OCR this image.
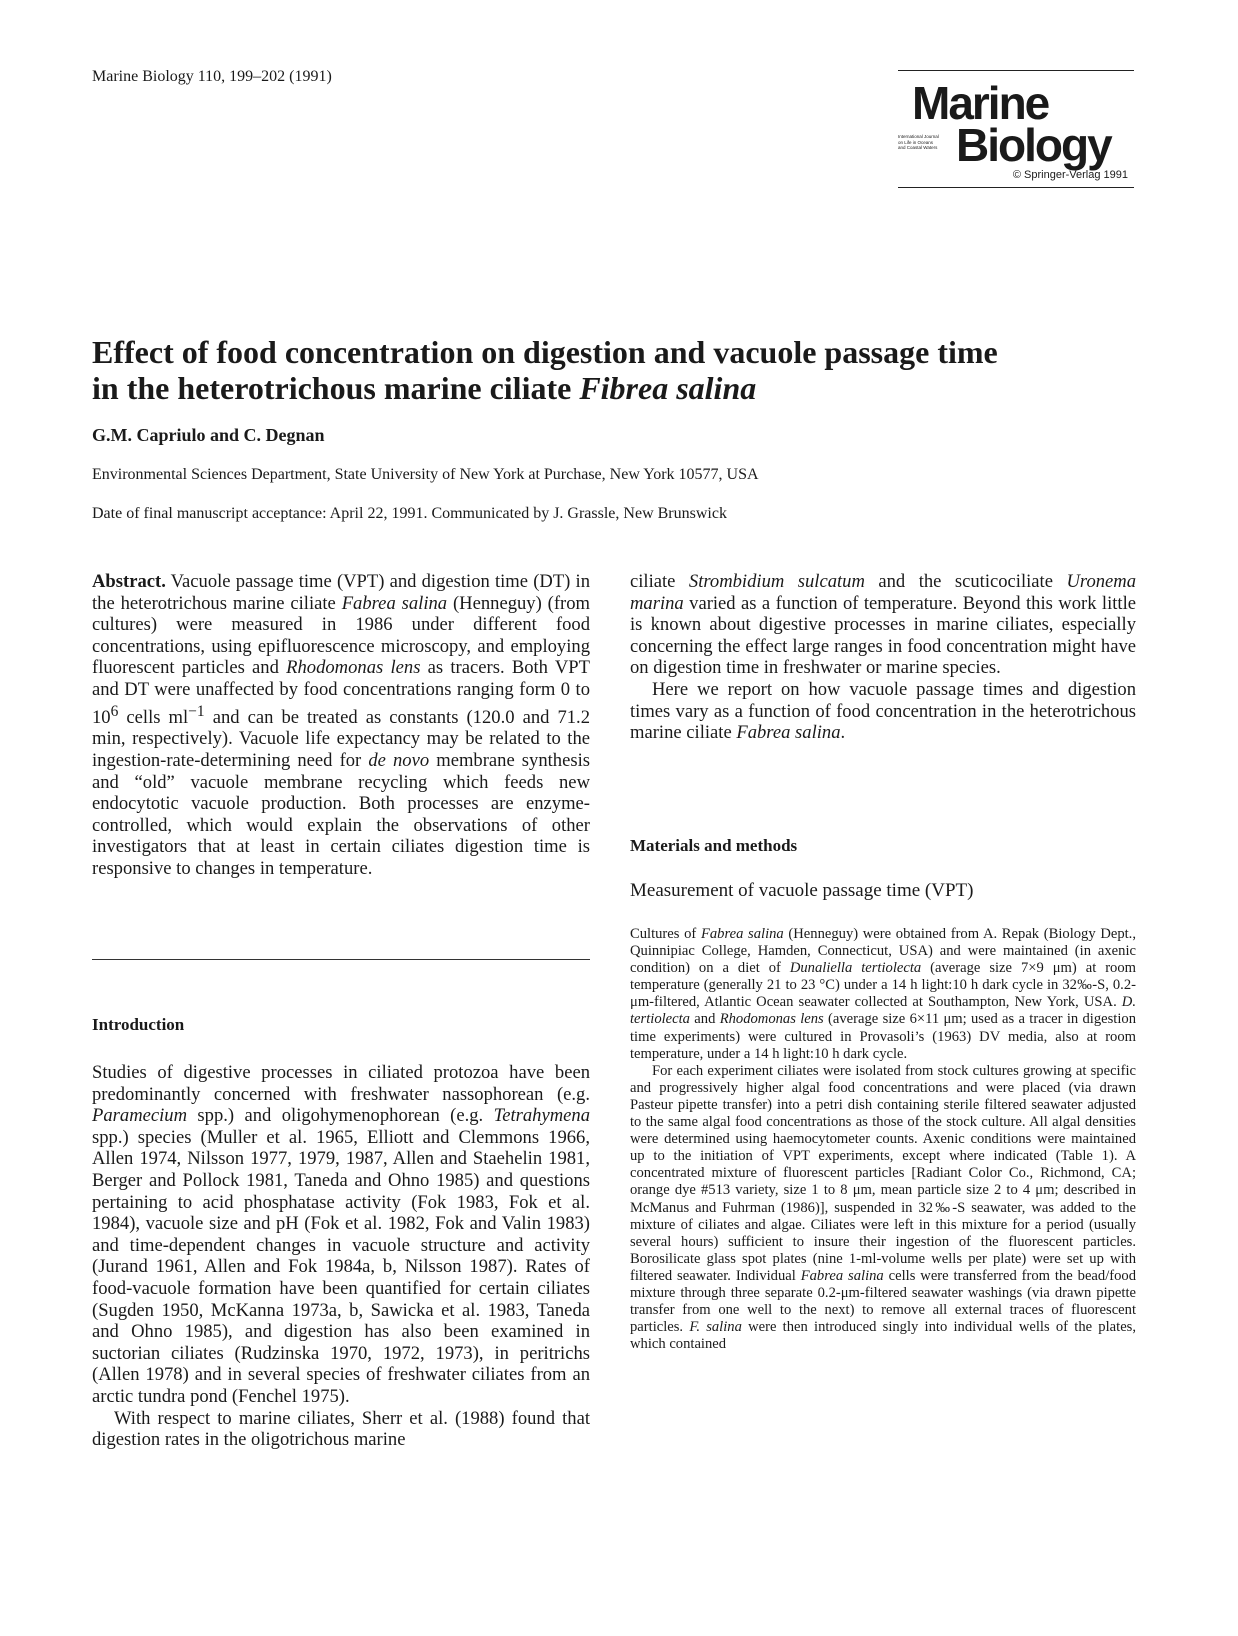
Marine Biology 110, 199–202 (1991)
Marine
International Journal
on Life in Oceans
and Coastal Waters Biology
© Springer-Verlag 1991
Effect of food concentration on digestion and vacuole passage time
in the heterotrichous marine ciliate Fibrea salina
G.M. Capriulo and C. Degnan
Environmental Sciences Department, State University of New York at Purchase, New York 10577, USA
Date of final manuscript acceptance: April 22, 1991. Communicated by J. Grassle, New Brunswick

Abstract. Vacuole passage time (VPT) and digestion time (DT) in the heterotrichous marine ciliate Fabrea salina (Henneguy) (from cultures) were measured in 1986 under different food concentrations, using epifluorescence microscopy, and employing fluorescent particles and Rhodomonas lens as tracers. Both VPT and DT were unaffected by food concentrations ranging form 0 to $10^6$ cells $ml^{-1}$ and can be treated as constants (120.0 and 71.2 min, respectively). Vacuole life expectancy may be related to the ingestion-rate-determining need for de novo membrane synthesis and “old” vacuole membrane recycling which feeds new endocytotic vacuole production. Both processes are enzyme-controlled, which would explain the observations of other investigators that at least in certain ciliates digestion time is responsive to changes in temperature.

Introduction

Studies of digestive processes in ciliated protozoa have been predominantly concerned with freshwater nassophorean (e.g. Paramecium spp.) and oligohymenophorean (e.g. Tetrahymena spp.) species (Muller et al. 1965, Elliott and Clemmons 1966, Allen 1974, Nilsson 1977, 1979, 1987, Allen and Staehelin 1981, Berger and Pollock 1981, Taneda and Ohno 1985) and questions pertaining to acid phosphatase activity (Fok 1983, Fok et al. 1984), vacuole size and pH (Fok et al. 1982, Fok and Valin 1983) and time-dependent changes in vacuole structure and activity (Jurand 1961, Allen and Fok 1984a, b, Nilsson 1987). Rates of food-vacuole formation have been quantified for certain ciliates (Sugden 1950, McKanna 1973a, b, Sawicka et al. 1983, Taneda and Ohno 1985), and digestion has also been examined in suctorian ciliates (Rudzinska 1970, 1972, 1973), in peritrichs (Allen 1978) and in several species of freshwater ciliates from an arctic tundra pond (Fenchel 1975).

With respect to marine ciliates, Sherr et al. (1988) found that digestion rates in the oligotrichous marine

ciliate Strombidium sulcatum and the scuticociliate Uronema marina varied as a function of temperature. Beyond this work little is known about digestive processes in marine ciliates, especially concerning the effect large ranges in food concentration might have on digestion time in freshwater or marine species.

Here we report on how vacuole passage times and digestion times vary as a function of food concentration in the heterotrichous marine ciliate Fabrea salina.

Materials and methods
Measurement of vacuole passage time (VPT)

Cultures of Fabrea salina (Henneguy) were obtained from A. Repak (Biology Dept., Quinnipiac College, Hamden, Connecticut, USA) and were maintained (in axenic condition) on a diet of Dunaliella tertiolecta (average size 7×9 μm) at room temperature (generally 21 to 23 °C) under a 14 h light:10 h dark cycle in 32‰-S, 0.2-μm-filtered, Atlantic Ocean seawater collected at Southampton, New York, USA. D. tertiolecta and Rhodomonas lens (average size 6×11 μm; used as a tracer in digestion time experiments) were cultured in Provasoli’s (1963) DV media, also at room temperature, under a 14 h light:10 h dark cycle.

For each experiment ciliates were isolated from stock cultures growing at specific and progressively higher algal food concentrations and were placed (via drawn Pasteur pipette transfer) into a petri dish containing sterile filtered seawater adjusted to the same algal food concentrations as those of the stock culture. All algal densities were determined using haemocytometer counts. Axenic conditions were maintained up to the initiation of VPT experiments, except where indicated (Table 1). A concentrated mixture of fluorescent particles [Radiant Color Co., Richmond, CA; orange dye #513 variety, size 1 to 8 μm, mean particle size 2 to 4 μm; described in McManus and Fuhrman (1986)], suspended in 32‰-S seawater, was added to the mixture of ciliates and algae. Ciliates were left in this mixture for a period (usually several hours) sufficient to insure their ingestion of the fluorescent particles. Borosilicate glass spot plates (nine 1-ml-volume wells per plate) were set up with filtered seawater. Individual Fabrea salina cells were transferred from the bead/food mixture through three separate 0.2-μm-filtered seawater washings (via drawn pipette transfer from one well to the next) to remove all external traces of fluorescent particles. F. salina were then introduced singly into individual wells of the plates, which contained
